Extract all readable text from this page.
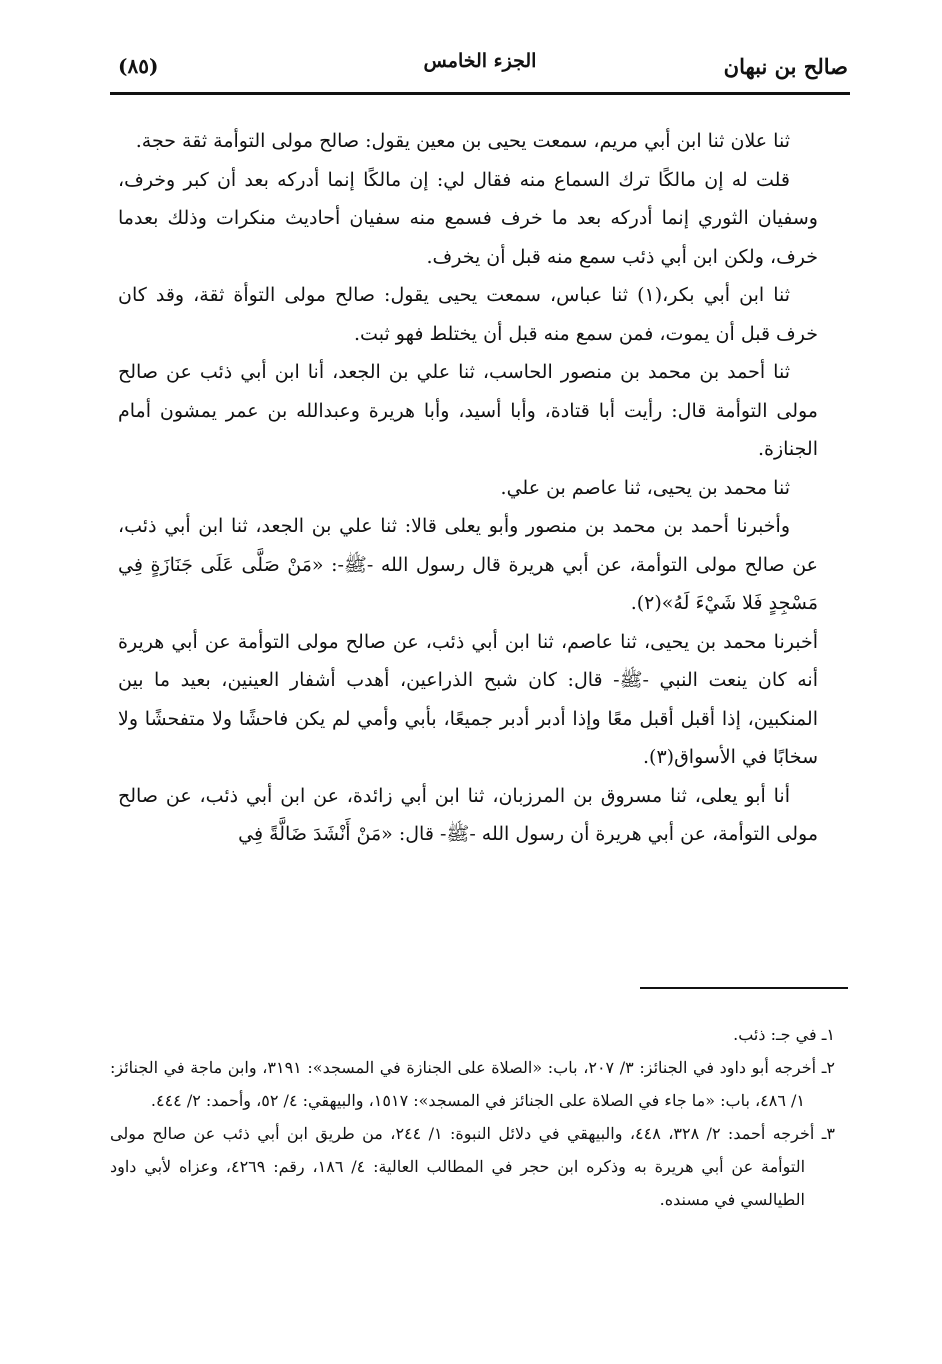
(٨٥)	الجزء الخامس	صالح بن نبهان

ثنا علان ثنا ابن أبي مريم، سمعت يحيى بن معين يقول: صالح مولى التوأمة ثقة حجة.

قلت له إن مالكًا ترك السماع منه فقال لي: إن مالكًا إنما أدركه بعد أن كبر وخرف، وسفيان الثوري إنما أدركه بعد ما خرف فسمع منه سفيان أحاديث منكرات وذلك بعدما خرف، ولكن ابن أبي ذئب سمع منه قبل أن يخرف.

ثنا ابن أبي بكر،(١) ثنا عباس، سمعت يحيى يقول: صالح مولى التوأة ثقة، وقد كان خرف قبل أن يموت، فمن سمع منه قبل أن يختلط فهو ثبت.

ثنا أحمد بن محمد بن منصور الحاسب، ثنا علي بن الجعد، أنا ابن أبي ذئب عن صالح مولى التوأمة قال: رأيت أبا قتادة، وأبا أسيد، وأبا هريرة وعبدالله بن عمر يمشون أمام الجنازة.

ثنا محمد بن يحيى، ثنا عاصم بن علي.

وأخبرنا أحمد بن محمد بن منصور وأبو يعلى قالا: ثنا علي بن الجعد، ثنا ابن أبي ذئب، عن صالح مولى التوأمة، عن أبي هريرة قال رسول الله -ﷺ-: «مَنْ صَلَّى عَلَى جَنَازَةٍ فِي مَسْجِدٍ فَلا شَيْءَ لَهُ»(٢).

أخبرنا محمد بن يحيى، ثنا عاصم، ثنا ابن أبي ذئب، عن صالح مولى التوأمة عن أبي هريرة أنه كان ينعت النبي -ﷺ- قال: كان شبح الذراعين، أهدب أشفار العينين، بعيد ما بين المنكبين، إذا أقبل أقبل معًا وإذا أدبر أدبر جميعًا، بأبي وأمي لم يكن فاحشًا ولا متفحشًا ولا سخابًا في الأسواق(٣).

أنا أبو يعلى، ثنا مسروق بن المرزبان، ثنا ابن أبي زائدة، عن ابن أبي ذئب، عن صالح مولى التوأمة، عن أبي هريرة أن رسول الله -ﷺ- قال: «مَنْ أَنْشَدَ ضَالَّةً فِي

١ـ في جـ: ذئب.

٢ـ أخرجه أبو داود في الجنائز: ٣/ ٢٠٧، باب: «الصلاة على الجنازة في المسجد»: ٣١٩١، وابن ماجة في الجنائز: ١/ ٤٨٦، باب: «ما جاء في الصلاة على الجنائز في المسجد»: ١٥١٧، والبيهقي: ٤/ ٥٢، وأحمد: ٢/ ٤٤٤.

٣ـ أخرجه أحمد: ٢/ ٣٢٨، ٤٤٨، والبيهقي في دلائل النبوة: ١/ ٢٤٤، من طريق ابن أبي ذئب عن صالح مولى التوأمة عن أبي هريرة به وذكره ابن حجر في المطالب العالية: ٤/ ١٨٦، رقم: ٤٢٦٩، وعزاه لأبي داود الطيالسي في مسنده.
